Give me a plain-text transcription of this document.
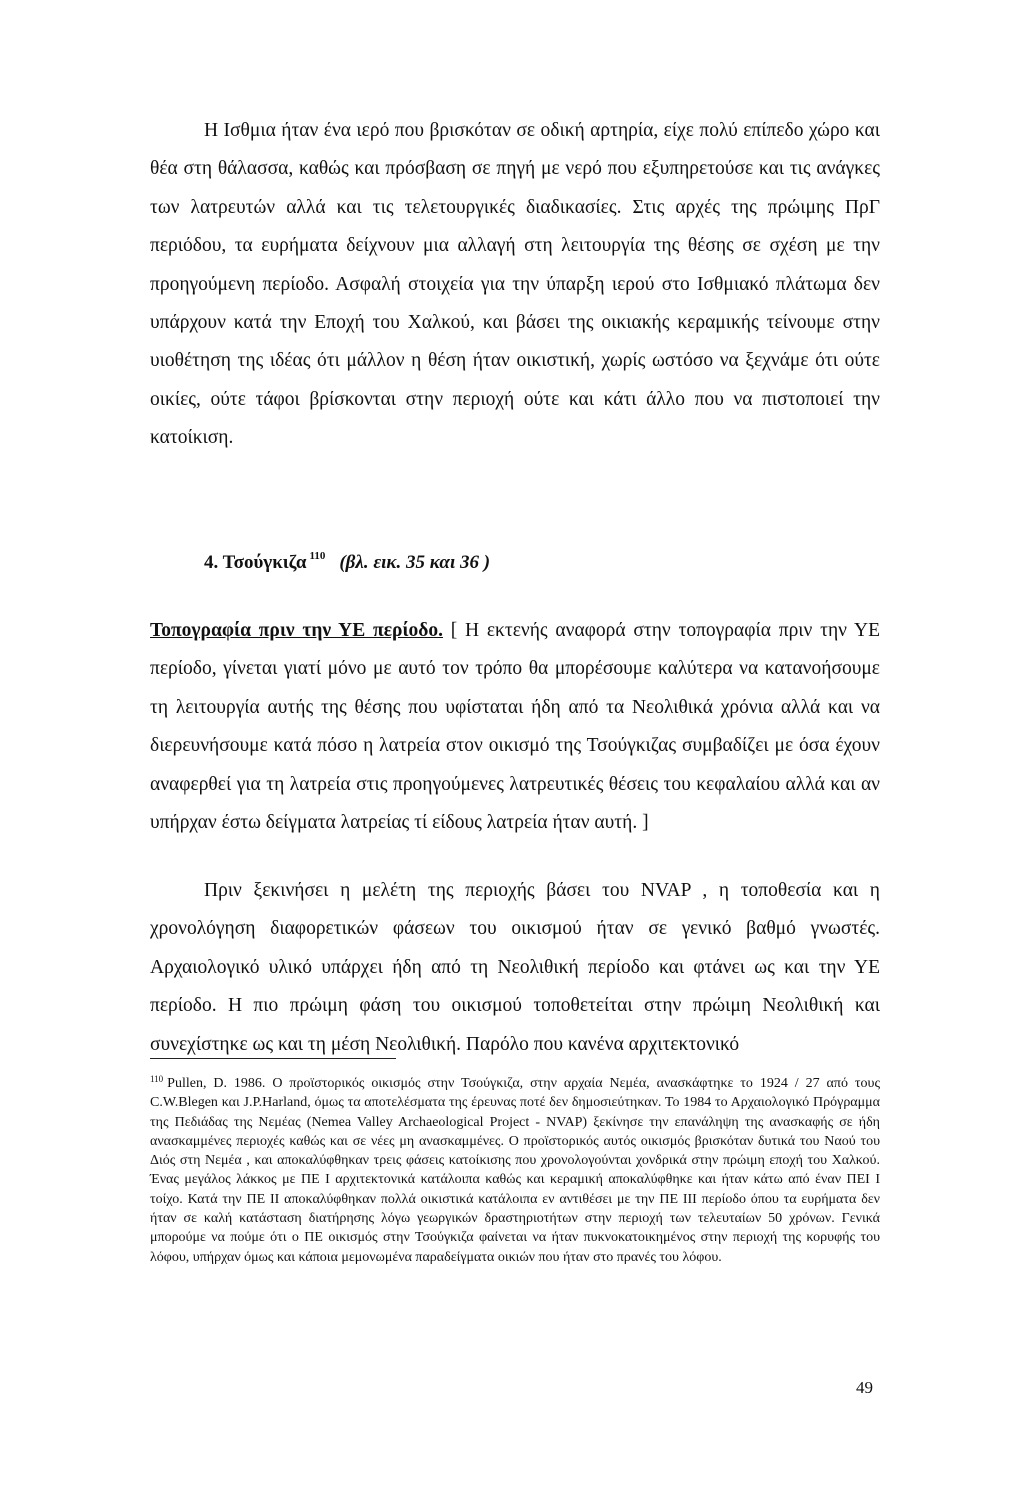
Η Ισθμια ήταν ένα ιερό που βρισκόταν σε οδική αρτηρία, είχε πολύ επίπεδο χώρο και θέα στη θάλασσα, καθώς και πρόσβαση σε πηγή με νερό που εξυπηρετούσε και τις ανάγκες των λατρευτών αλλά και τις τελετουργικές διαδικασίες. Στις αρχές της πρώιμης ΠρΓ περιόδου, τα ευρήματα δείχνουν μια αλλαγή στη λειτουργία της θέσης σε σχέση με την προηγούμενη περίοδο. Ασφαλή στοιχεία για την ύπαρξη ιερού στο Ισθμιακό πλάτωμα δεν υπάρχουν κατά την Εποχή του Χαλκού, και βάσει της οικιακής κεραμικής τείνουμε στην υιοθέτηση της ιδέας ότι μάλλον η θέση ήταν οικιστική, χωρίς ωστόσο να ξεχνάμε ότι ούτε οικίες, ούτε τάφοι βρίσκονται στην περιοχή ούτε και κάτι άλλο που να πιστοποιεί την κατοίκιση.

4. Τσούγκιζα $^{110}$ (βλ. εικ. 35 και 36 )

Τοπογραφία πριν την ΥΕ περίοδο. [ Η εκτενής αναφορά στην τοπογραφία πριν την ΥΕ περίοδο, γίνεται γιατί μόνο με αυτό τον τρόπο θα μπορέσουμε καλύτερα να κατανοήσουμε τη λειτουργία αυτής της θέσης που υφίσταται ήδη από τα Νεολιθικά χρόνια αλλά και να διερευνήσουμε κατά πόσο η λατρεία στον οικισμό της Τσούγκιζας συμβαδίζει με όσα έχουν αναφερθεί για τη λατρεία στις προηγούμενες λατρευτικές θέσεις του κεφαλαίου αλλά και αν υπήρχαν έστω δείγματα λατρείας τί είδους λατρεία ήταν αυτή. ]

Πριν ξεκινήσει η μελέτη της περιοχής βάσει του NVAP , η τοποθεσία και η χρονολόγηση διαφορετικών φάσεων του οικισμού ήταν σε γενικό βαθμό γνωστές. Αρχαιολογικό υλικό υπάρχει ήδη από τη Νεολιθική περίοδο και φτάνει ως και την ΥΕ περίοδο. Η πιο πρώιμη φάση του οικισμού τοποθετείται στην πρώιμη Νεολιθική και συνεχίστηκε ως και τη μέση Νεολιθική. Παρόλο που κανένα αρχιτεκτονικό

$^{110}$ Pullen, D. 1986. Ο προϊστορικός οικισμός στην Τσούγκιζα, στην αρχαία Νεμέα, ανασκάφτηκε το 1924 / 27 από τους C.W.Blegen και J.P.Harland, όμως τα αποτελέσματα της έρευνας ποτέ δεν δημοσιεύτηκαν. Το 1984 το Αρχαιολογικό Πρόγραμμα της Πεδιάδας της Νεμέας (Nemea Valley Archaeological Project - NVAP) ξεκίνησε την επανάληψη της ανασκαφής σε ήδη ανασκαμμένες περιοχές καθώς και σε νέες μη ανασκαμμένες. Ο προϊστορικός αυτός οικισμός βρισκόταν δυτικά του Ναού του Διός στη Νεμέα , και αποκαλύφθηκαν τρεις φάσεις κατοίκισης που χρονολογούνται χονδρικά στην πρώιμη εποχή του Χαλκού. Ένας μεγάλος λάκκος με ΠΕ Ι αρχιτεκτονικά κατάλοιπα καθώς και κεραμική αποκαλύφθηκε και ήταν κάτω από έναν ΠΕΙ Ι τοίχο. Κατά την ΠΕ ΙΙ αποκαλύφθηκαν πολλά οικιστικά κατάλοιπα εν αντιθέσει με την ΠΕ ΙΙΙ περίοδο όπου τα ευρήματα δεν ήταν σε καλή κατάσταση διατήρησης λόγω γεωργικών δραστηριοτήτων στην περιοχή των τελευταίων 50 χρόνων. Γενικά μπορούμε να πούμε ότι ο ΠΕ οικισμός στην Τσούγκιζα φαίνεται να ήταν πυκνοκατοικημένος στην περιοχή της κορυφής του λόφου, υπήρχαν όμως και κάποια μεμονωμένα παραδείγματα οικιών που ήταν στο πρανές του λόφου.

49
